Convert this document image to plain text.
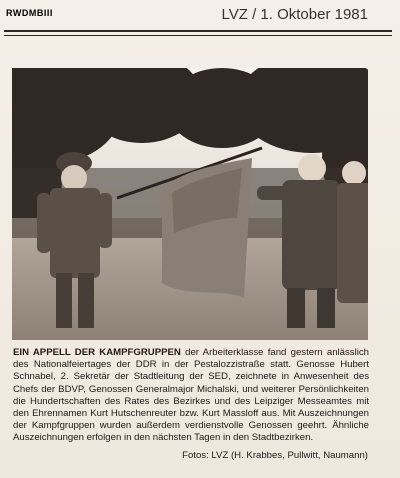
RWDMBIII	LVZ / 1. Oktober 1981
EIN APPELL DER KAMPFGRUPPEN der Arbeiterklasse fand gestern anlässlich des Nationalfeiertages der DDR in der Pestalozzistraße statt. Genosse Hubert Schnabel, 2. Sekretär der Stadtleitung der SED, zeichnete in Anwesenheit des Chefs der BDVP, Genossen Generalmajor Michalski, und weiterer Persönlichkeiten die Hundertschaften des Rates des Bezirkes und des Leipziger Messeamtes mit den Ehrennamen Kurt Hutschenreuter bzw. Kurt Massloff aus. Mit Auszeichnungen der Kampfgruppen wurden außerdem verdienstvolle Genossen geehrt. Ähnliche Auszeichnungen erfolgen in den nächsten Tagen in den Stadtbezirken.
Fotos: LVZ (H. Krabbes, Pullwitt, Naumann)
